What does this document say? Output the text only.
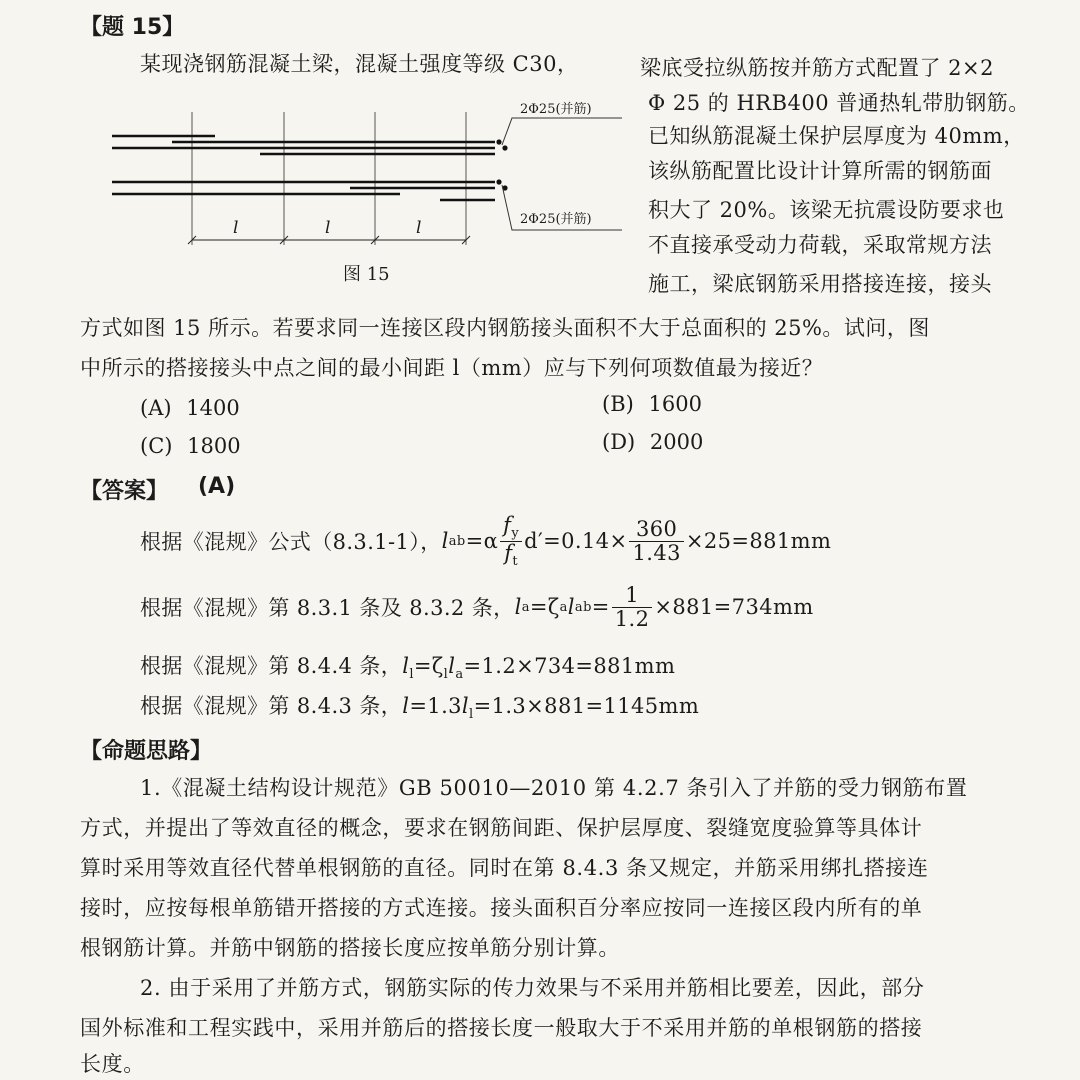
【题 15】
某现浇钢筋混凝土梁，混凝土强度等级 C30，	梁底受拉纵筋按并筋方式配置了 2×2
Φ 25 的 HRB400 普通热轧带肋钢筋。
已知纵筋混凝土保护层厚度为 40mm，
该纵筋配置比设计计算所需的钢筋面
积大了 20%。该梁无抗震设防要求也
不直接承受动力荷载，采取常规方法
施工，梁底钢筋采用搭接连接，接头
方式如图 15 所示。若要求同一连接区段内钢筋接头面积不大于总面积的 25%。试问，图
中所示的搭接接头中点之间的最小间距 l（mm）应与下列何项数值最为接近？
2Φ25(并筋)
2Φ25(并筋)
l	l	l
图 15
(A) 1400	(B) 1600
(C) 1800	(D) 2000
【答案】 (A)
根据《混规》公式（8.3.1-1）， l ab $=\alpha \frac{f_y}{f_t} d'=0.14\times \frac{360}{1.43} \times 25=881mm$
根据《混规》第 8.3.1 条及 8.3.2 条， l a =ζ a l ab = $\frac{1}{1.2} \times 881=734mm$
根据《混规》第 8.4.4 条，$l_l=\zeta_ll_a=1.2\times 734=881mm$
根据《混规》第 8.4.3 条，$l=1.3l_l=1.3\times 881=1145mm$
【命题思路】
1.《混凝土结构设计规范》GB 50010—2010 第 4.2.7 条引入了并筋的受力钢筋布置
方式，并提出了等效直径的概念，要求在钢筋间距、保护层厚度、裂缝宽度验算等具体计
算时采用等效直径代替单根钢筋的直径。同时在第 8.4.3 条又规定，并筋采用绑扎搭接连
接时，应按每根单筋错开搭接的方式连接。接头面积百分率应按同一连接区段内所有的单
根钢筋计算。并筋中钢筋的搭接长度应按单筋分别计算。
2. 由于采用了并筋方式，钢筋实际的传力效果与不采用并筋相比要差，因此，部分
国外标准和工程实践中，采用并筋后的搭接长度一般取大于不采用并筋的单根钢筋的搭接
长度。
